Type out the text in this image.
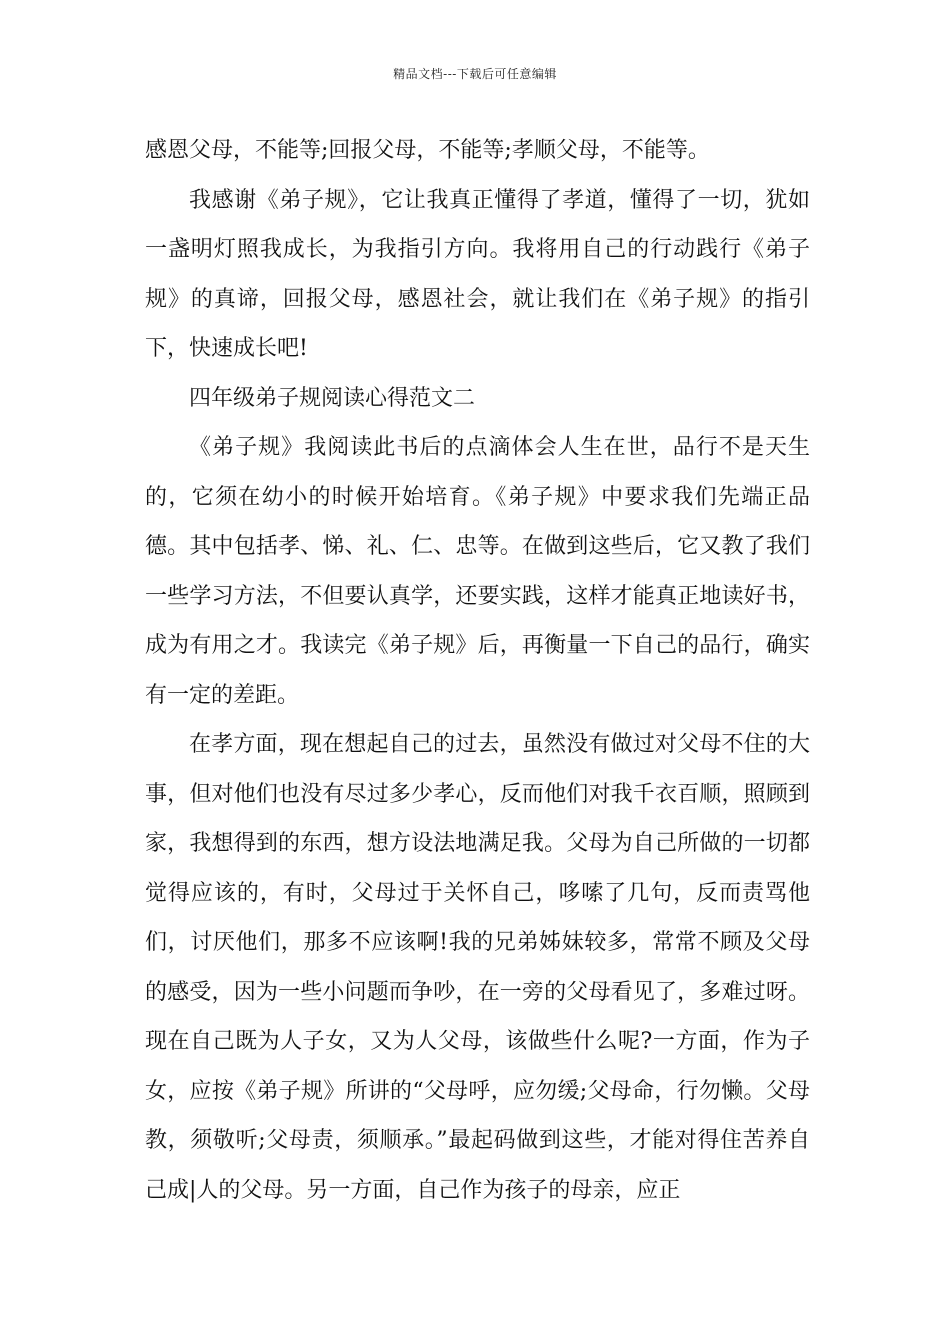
精品文档---下载后可任意编辑

感恩父母，不能等;回报父母，不能等;孝顺父母，不能等。

我感谢《弟子规》，它让我真正懂得了孝道，懂得了一切，犹如一盏明灯照我成长，为我指引方向。我将用自己的行动践行《弟子规》的真谛，回报父母，感恩社会，就让我们在《弟子规》的指引下，快速成长吧!

四年级弟子规阅读心得范文二

《弟子规》我阅读此书后的点滴体会人生在世，品行不是天生的，它须在幼小的时候开始培育。《弟子规》中要求我们先端正品德。其中包括孝、悌、礼、仁、忠等。在做到这些后，它又教了我们一些学习方法，不但要认真学，还要实践，这样才能真正地读好书，成为有用之才。我读完《弟子规》后，再衡量一下自己的品行，确实有一定的差距。

在孝方面，现在想起自己的过去，虽然没有做过对父母不住的大事，但对他们也没有尽过多少孝心，反而他们对我千衣百顺，照顾到家，我想得到的东西，想方设法地满足我。父母为自己所做的一切都觉得应该的，有时，父母过于关怀自己，哆嗦了几句，反而责骂他们，讨厌他们，那多不应该啊!我的兄弟姊妹较多，常常不顾及父母的感受，因为一些小问题而争吵，在一旁的父母看见了，多难过呀。现在自己既为人子女，又为人父母，该做些什么呢?一方面，作为子女，应按《弟子规》所讲的“父母呼，应勿缓;父母命，行勿懒。父母教，须敬听;父母责，须顺承。”最起码做到这些，才能对得住苦养自己成|人的父母。另一方面，自己作为孩子的母亲，应正
